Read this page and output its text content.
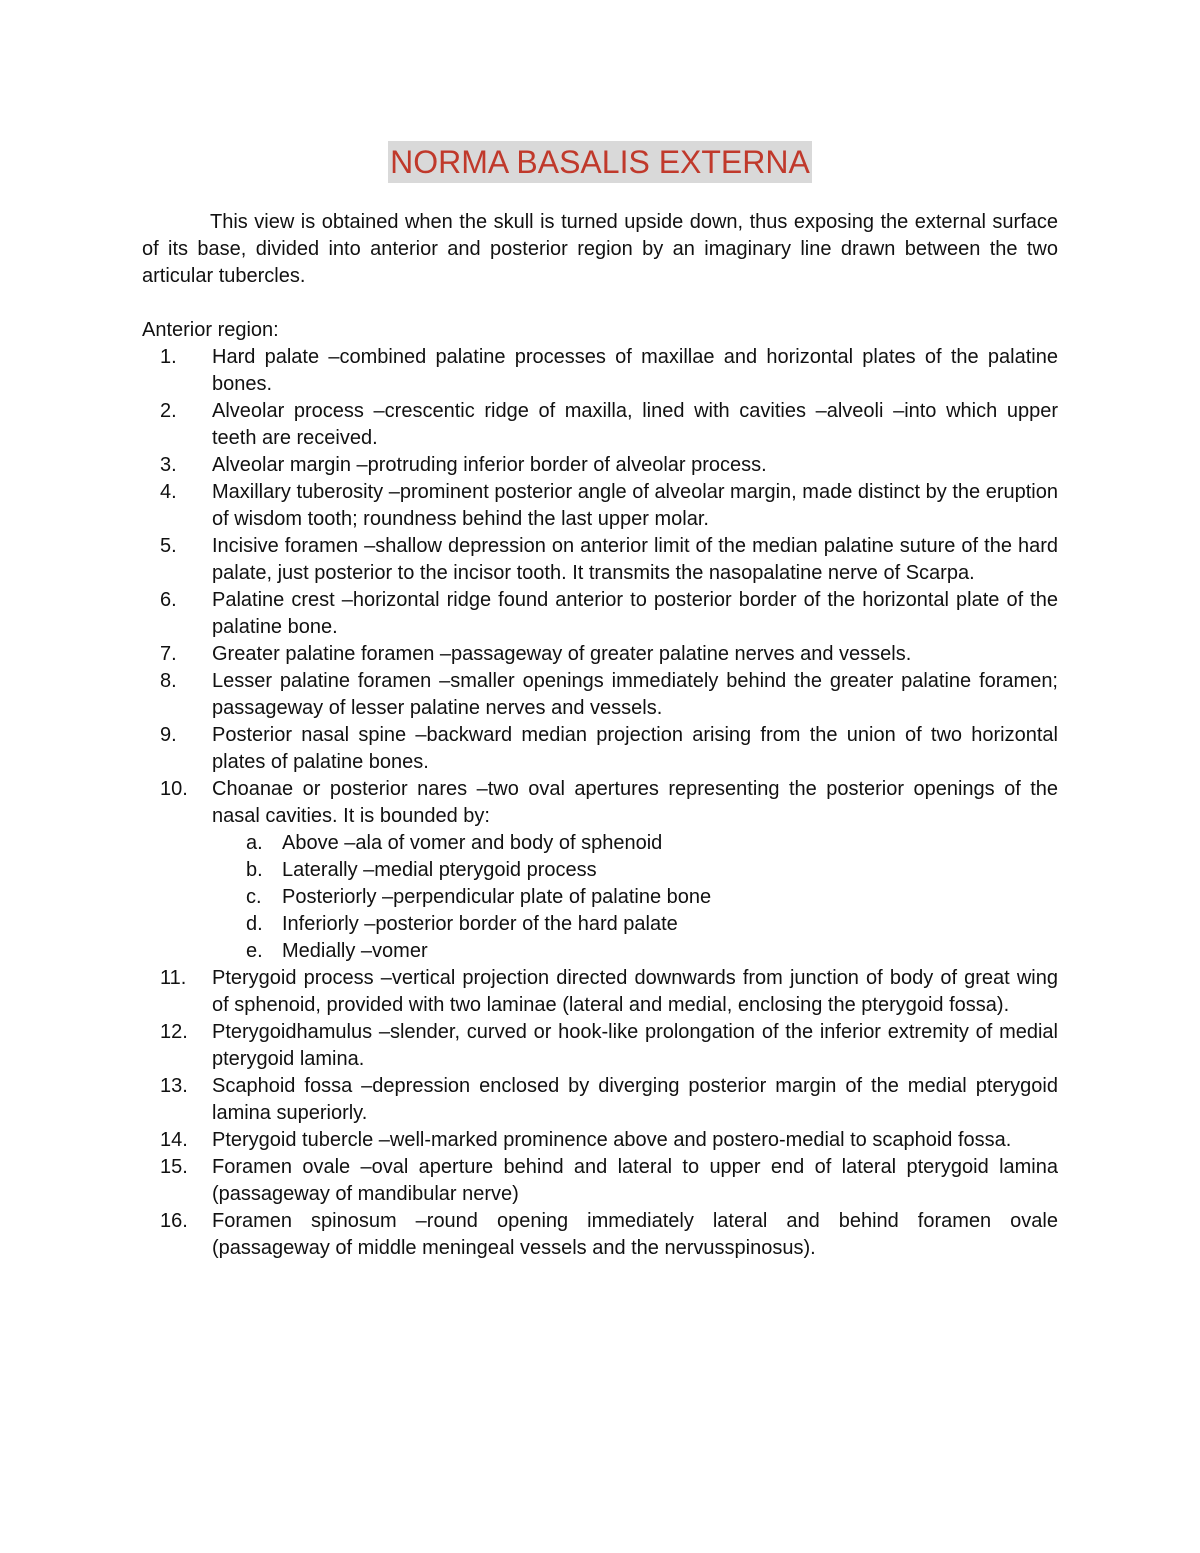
NORMA BASALIS EXTERNA

This view is obtained when the skull is turned upside down, thus exposing the external surface of its base, divided into anterior and posterior region by an imaginary line drawn between the two articular tubercles.

Anterior region:

1.	Hard palate –combined palatine processes of maxillae and horizontal plates of the palatine bones.
2.	Alveolar process –crescentic ridge of maxilla, lined with cavities –alveoli –into which upper teeth are received.
3.	Alveolar margin –protruding inferior border of alveolar process.
4.	Maxillary tuberosity –prominent posterior angle of alveolar margin, made distinct by the eruption of wisdom tooth; roundness behind the last upper molar.
5.	Incisive foramen –shallow depression on anterior limit of the median palatine suture of the hard palate, just posterior to the incisor tooth. It transmits the nasopalatine nerve of Scarpa.
6.	Palatine crest –horizontal ridge found anterior to posterior border of the horizontal plate of the palatine bone.
7.	Greater palatine foramen –passageway of greater palatine nerves and vessels.
8.	Lesser palatine foramen –smaller openings immediately behind the greater palatine foramen; passageway of lesser palatine nerves and vessels.
9.	Posterior nasal spine –backward median projection arising from the union of two horizontal plates of palatine bones.
10.	Choanae or posterior nares –two oval apertures representing the posterior openings of the nasal cavities. It is bounded by:
a. Above –ala of vomer and body of sphenoid
b. Laterally –medial pterygoid process
c. Posteriorly –perpendicular plate of palatine bone
d. Inferiorly –posterior border of the hard palate
e. Medially –vomer
11.	Pterygoid process –vertical projection directed downwards from junction of body of great wing of sphenoid, provided with two laminae (lateral and medial, enclosing the pterygoid fossa).
12.	Pterygoidhamulus –slender, curved or hook-like prolongation of the inferior extremity of medial pterygoid lamina.
13.	Scaphoid fossa –depression enclosed by diverging posterior margin of the medial pterygoid lamina superiorly.
14.	Pterygoid tubercle –well-marked prominence above and postero-medial to scaphoid fossa.
15.	Foramen ovale –oval aperture behind and lateral to upper end of lateral pterygoid lamina (passageway of mandibular nerve)
16.	Foramen spinosum –round opening immediately lateral and behind foramen ovale (passageway of middle meningeal vessels and the nervusspinosus).
